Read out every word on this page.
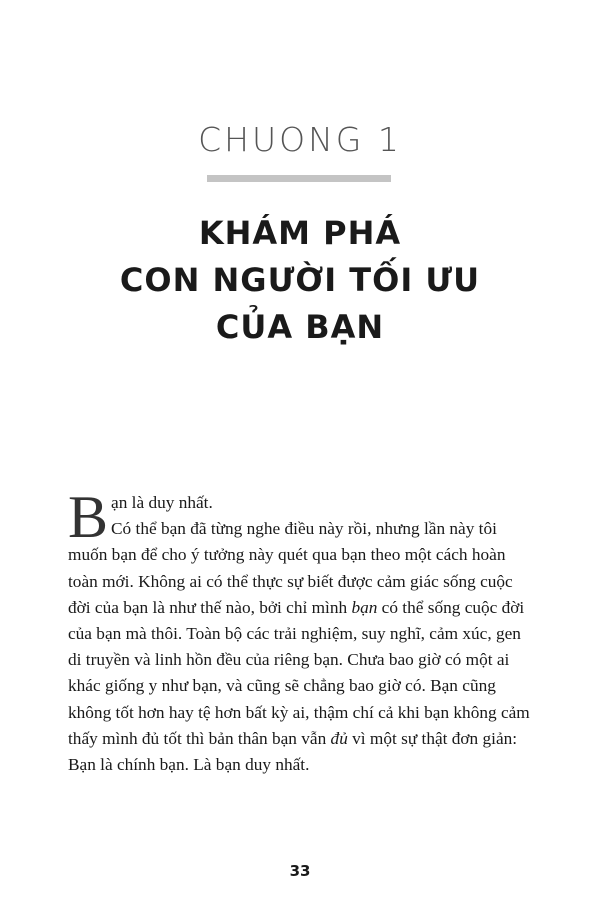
CHUONG 1
KHÁM PHÁ
CON NGƯỜI TỐI ƯU
CỦA BẠN
B ạn là duy nhất.
Có thể bạn đã từng nghe điều này rồi, nhưng lần này tôi muốn bạn để cho ý tưởng này quét qua bạn theo một cách hoàn toàn mới. Không ai có thể thực sự biết được cảm giác sống cuộc đời của bạn là như thế nào, bởi chỉ mình bạn có thể sống cuộc đời của bạn mà thôi. Toàn bộ các trải nghiệm, suy nghĩ, cảm xúc, gen di truyền và linh hồn đều của riêng bạn. Chưa bao giờ có một ai khác giống y như bạn, và cũng sẽ chẳng bao giờ có. Bạn cũng không tốt hơn hay tệ hơn bất kỳ ai, thậm chí cả khi bạn không cảm thấy mình đủ tốt thì bản thân bạn vẫn đủ vì một sự thật đơn giản: Bạn là chính bạn. Là bạn duy nhất.
33
